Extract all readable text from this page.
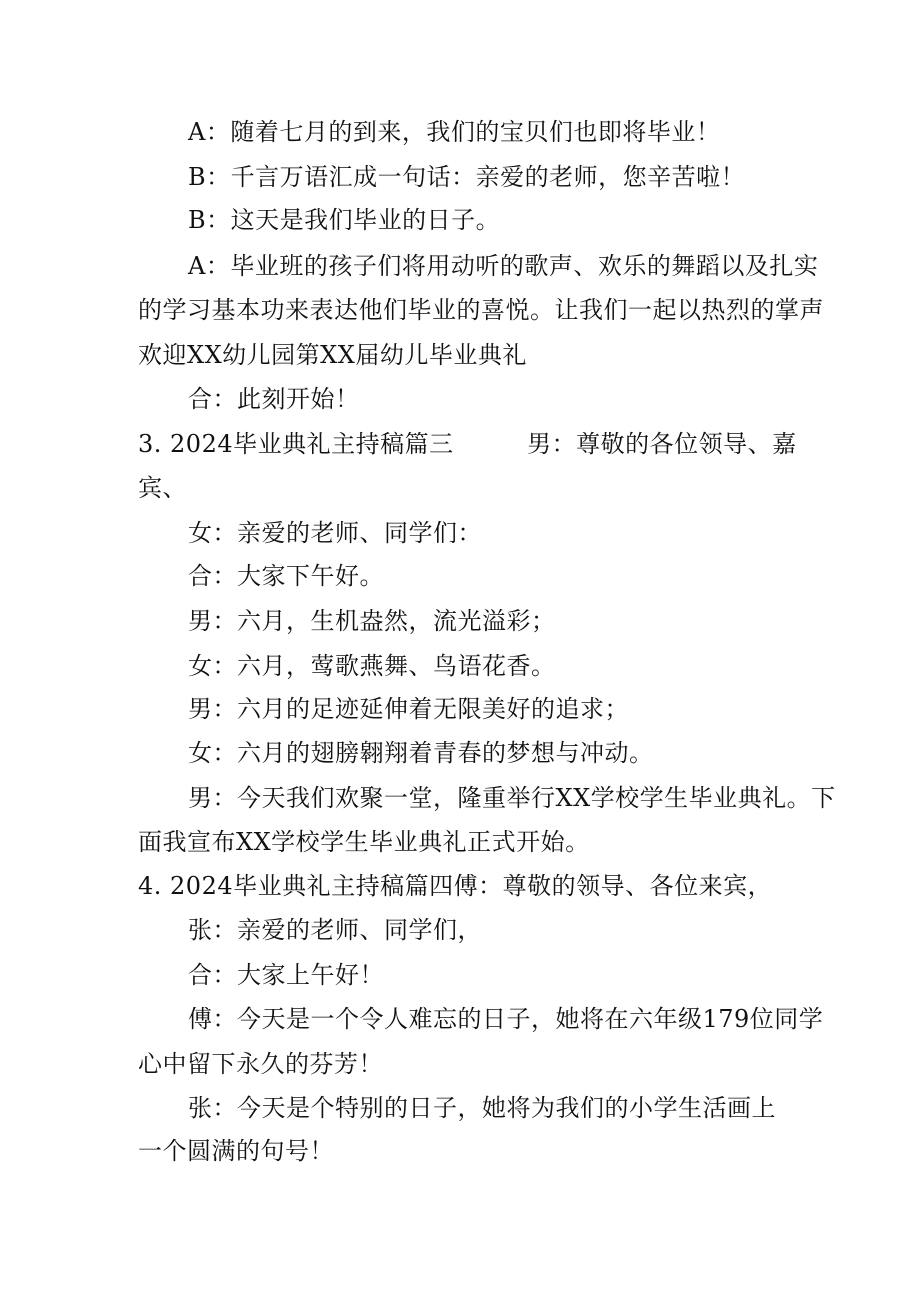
A：随着七月的到来，我们的宝贝们也即将毕业！
B：千言万语汇成一句话：亲爱的老师，您辛苦啦！
B：这天是我们毕业的日子。
A：毕业班的孩子们将用动听的歌声、欢乐的舞蹈以及扎实
的学习基本功来表达他们毕业的喜悦。让我们一起以热烈的掌声
欢迎XX幼儿园第XX届幼儿毕业典礼
合：此刻开始！
3. 2024毕业典礼主持稿篇三　　　男：尊敬的各位领导、嘉
宾、
女：亲爱的老师、同学们：
合：大家下午好。
男：六月，生机盎然，流光溢彩；
女：六月，莺歌燕舞、鸟语花香。
男：六月的足迹延伸着无限美好的追求；
女：六月的翅膀翱翔着青春的梦想与冲动。
男：今天我们欢聚一堂，隆重举行XX学校学生毕业典礼。下
面我宣布XX学校学生毕业典礼正式开始。
4. 2024毕业典礼主持稿篇四傅：尊敬的领导、各位来宾，
张：亲爱的老师、同学们，
合：大家上午好！
傅：今天是一个令人难忘的日子，她将在六年级179位同学
心中留下永久的芬芳！
张：今天是个特别的日子，她将为我们的小学生活画上
一个圆满的句号！
